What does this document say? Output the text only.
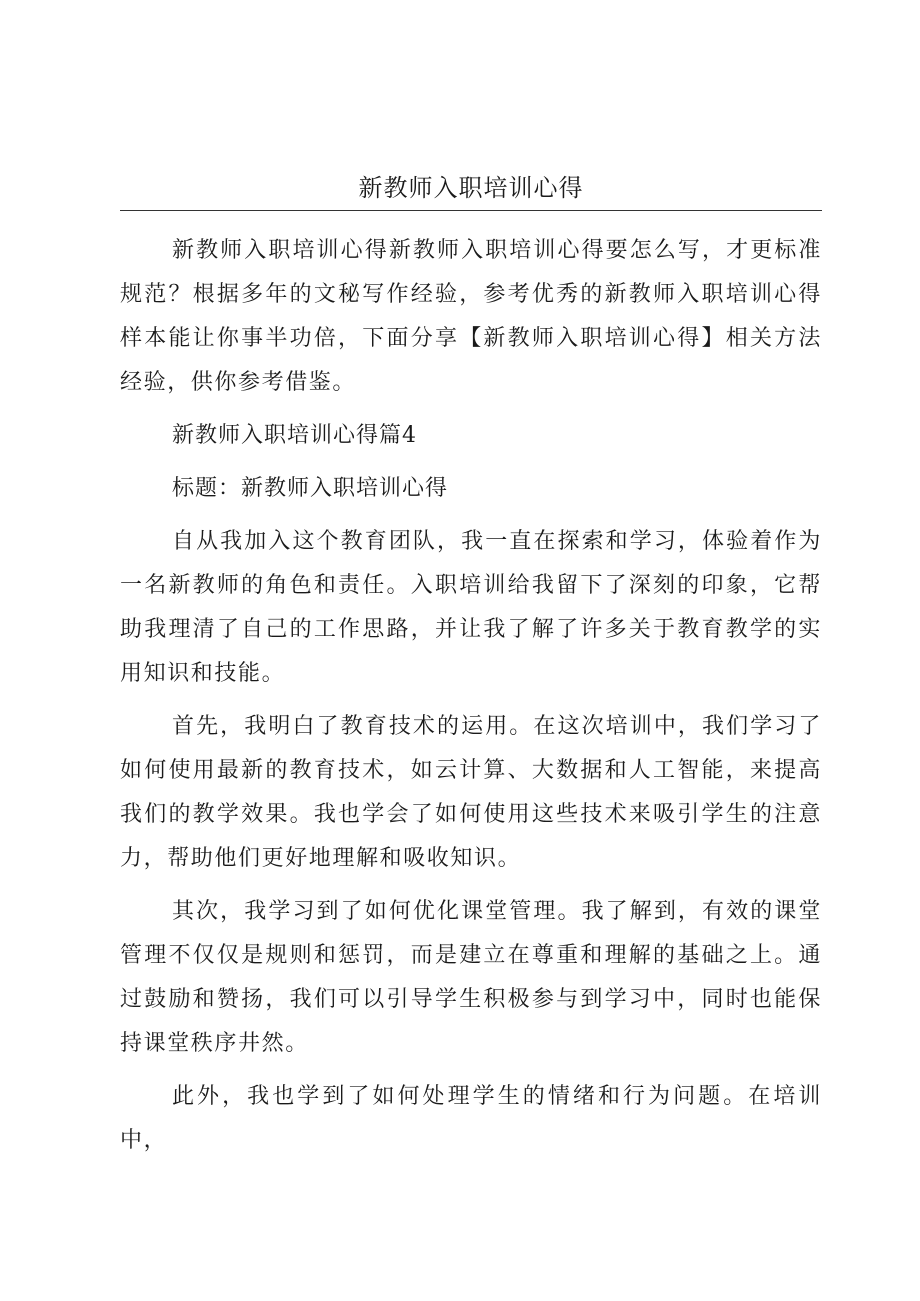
新教师入职培训心得

新教师入职培训心得新教师入职培训心得要怎么写，才更标准规范？根据多年的文秘写作经验，参考优秀的新教师入职培训心得样本能让你事半功倍，下面分享【新教师入职培训心得】相关方法经验，供你参考借鉴。

新教师入职培训心得篇4

标题：新教师入职培训心得

自从我加入这个教育团队，我一直在探索和学习，体验着作为一名新教师的角色和责任。入职培训给我留下了深刻的印象，它帮助我理清了自己的工作思路，并让我了解了许多关于教育教学的实用知识和技能。

首先，我明白了教育技术的运用。在这次培训中，我们学习了如何使用最新的教育技术，如云计算、大数据和人工智能，来提高我们的教学效果。我也学会了如何使用这些技术来吸引学生的注意力，帮助他们更好地理解和吸收知识。

其次，我学习到了如何优化课堂管理。我了解到，有效的课堂管理不仅仅是规则和惩罚，而是建立在尊重和理解的基础之上。通过鼓励和赞扬，我们可以引导学生积极参与到学习中，同时也能保持课堂秩序井然。

此外，我也学到了如何处理学生的情绪和行为问题。在培训中，
